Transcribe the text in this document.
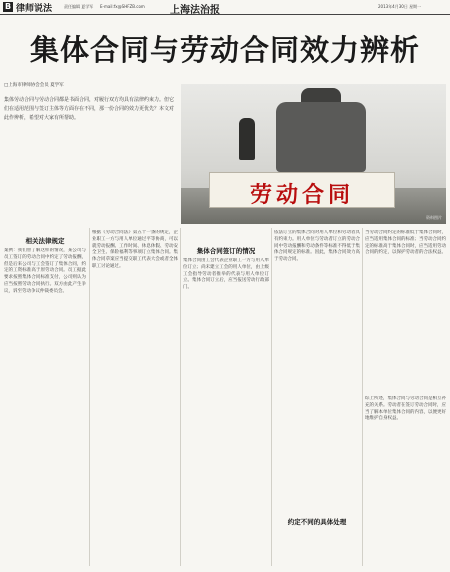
B 律师说法	责任编辑 夏学军 E-mail:fx@SHFZB.com	上海法治报	2013年4月30日 星期一
集体合同与劳动合同效力辨析
□上海市律师协会会员 夏学军
集体劳动合同与劳动合同都是书面合同，对履行双方均具有法律约束力。但它们在适用范围与签订主体等方面存在不同，那一份合同的效力更优先？本文对此作辨析，希望对大家有所帮助。
劳动合同
资料图片
相关法律规定
案例：我们曾了解这样的情况，某公司与员工签订的劳动合同中约定了劳动报酬，但是后来公司与工会签订了集体合同，约定的工资标准高于原劳动合同。员工据此要求按照集体合同标准支付，公司则认为应当按照劳动合同执行。双方由此产生争议，诉至劳动争议仲裁委员会。
根据《劳动合同法》第五十一条的规定，企业职工一方与用人单位通过平等协商，可以就劳动报酬、工作时间、休息休假、劳动安全卫生、保险福利等事项订立集体合同。集体合同草案应当提交职工代表大会或者全体职工讨论通过。
集体合同签订的情况
集体合同由工会代表企业职工一方与用人单位订立；尚未建立工会的用人单位，由上级工会指导劳动者推举的代表与用人单位订立。集体合同订立后，应当报送劳动行政部门。
依法订立的集体合同对用人单位和劳动者具有约束力。用人单位与劳动者订立的劳动合同中劳动报酬和劳动条件等标准不得低于集体合同规定的标准。因此，集体合同效力高于劳动合同。
约定不同的具体处理
当劳动合同约定的标准低于集体合同时，应当适用集体合同的标准；当劳动合同约定的标准高于集体合同时，应当适用劳动合同的约定，以保护劳动者的合法权益。
综上所述，集体合同与劳动合同是相互补充的关系。劳动者在签订劳动合同时，应当了解本单位集体合同的内容，以便更好地维护自身权益。
